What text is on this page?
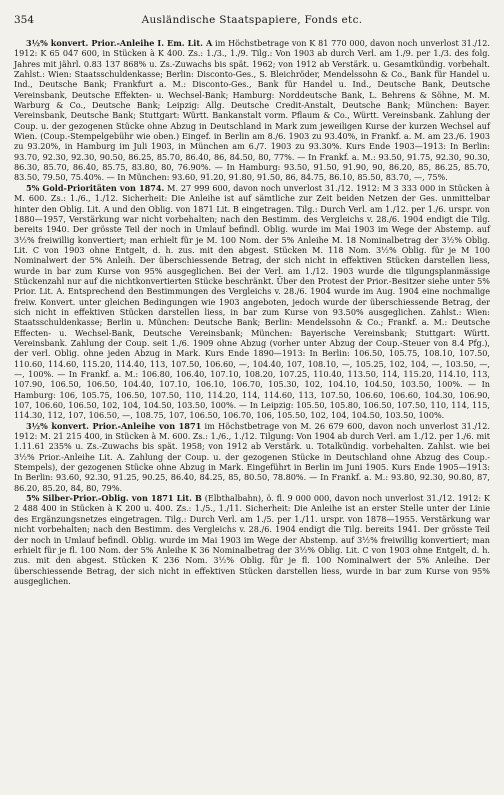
354	Ausländische Staatspapiere, Fonds etc.

3½% konvert. Prior.-Anleihe I. Em. Lit. A im Höchstbetrage von K 81 770 000, davon noch unverlost 31./12. 1912: K 65 047 600, in Stücken à K 400. Zs.: 1./3., 1./9. Tilg.: Von 1903 ab durch Verl. am 1./9. per 1./3. des folg. Jahres mit jährl. 0.83 137 868% u. Zs.-Zuwachs bis spät. 1962; von 1912 ab Verstärk. u. Gesamtkündig. vorbehalt. Zahlst.: Wien: Staatsschuldenkasse; Berlin: Disconto-Ges., S. Bleichröder, Mendelssohn & Co., Bank für Handel u. Ind., Deutsche Bank; Frankfurt a. M.: Disconto-Ges., Bank für Handel u. Ind., Deutsche Bank, Deutsche Vereinsbank, Deutsche Effekten- u. Wechsel-Bank; Hamburg: Norddeutsche Bank, L. Behrens & Söhne, M. M. Warburg & Co., Deutsche Bank; Leipzig: Allg. Deutsche Credit-Anstalt, Deutsche Bank; München: Bayer. Vereinsbank, Deutsche Bank; Stuttgart: Württ. Bankanstalt vorm. Pflaum & Co., Württ. Vereinsbank. Zahlung der Coup. u. der gezogenen Stücke ohne Abzug in Deutschland in Mark zum jeweiligen Kurse der kurzen Wechsel auf Wien. (Coup.-Stempelgebühr wie oben.) Eingef. in Berlin am 8./6. 1903 zu 93.40%, in Frankf. a. M. am 23./6. 1903 zu 93.20%, in Hamburg im Juli 1903, in München am 6./7. 1903 zu 93.30%. Kurs Ende 1903—1913: In Berlin: 93.70, 92.30, 92.30, 90.50, 86.25, 85.70, 86.40, 86, 84.50, 80, 77%. — In Frankf. a. M.: 93.50, 91.75, 92.30, 90.30, 86.30, 85.70, 86.40, 85.75, 83.80, 80, 76.90%. — In Hamburg: 93.50, 91.50, 91.90, 90, 86.20, 85, 86.25, 85.70, 83.50, 79.50, 75.40%. — In München: 93.60, 91.20, 91.80, 91.50, 86, 84.75, 86.10, 85.50, 83.70, —, 75%.

5% Gold-Prioritäten von 1874. M. 27 999 600, davon noch unverlost 31./12. 1912: M 3 333 000 in Stücken à M. 600. Zs.: 1./6., 1./12. Sicherheit: Die Anleihe ist auf sämtliche zur Zeit beiden Netzen der Ges. unmittelbar hinter den Oblig. Lit. A und den Oblig. von 1871 Lit. B eingetragen. Tilg.: Durch Verl. am 1./12. per 1./6. urspr. von 1880—1957, Verstärkung war nicht vorbehalten; nach den Bestimm. des Vergleichs v. 28./6. 1904 endigt die Tilg. bereits 1940. Der grösste Teil der noch in Umlauf befindl. Oblig. wurde im Mai 1903 im Wege der Abstemp. auf 3½% freiwillig konvertiert; man erhielt für je M. 100 Nom. der 5% Anleihe M. 18 Nominalbetrag der 3½% Oblig. Lit. C von 1903 ohne Entgelt, d. h. zus. mit den abgest. Stücken M. 118 Nom. 3½% Oblig. für je M 100 Nominalwert der 5% Anleih. Der überschiessende Betrag, der sich nicht in effektiven Stücken darstellen liess, wurde in bar zum Kurse von 95% ausgeglichen. Bei der Verl. am 1./12. 1903 wurde die tilgungsplanmässige Stückenzahl nur auf die nichtkonvertierten Stücke beschränkt. Über den Protest der Prior.-Besitzer siehe unter 5% Prior. Lit. A. Entsprechend den Bestimmungen des Vergleichs v. 28./6. 1904 wurde im Aug. 1904 eine nochmalige freiw. Konvert. unter gleichen Bedingungen wie 1903 angeboten, jedoch wurde der überschiessende Betrag, der sich nicht in effektiven Stücken darstellen liess, in bar zum Kurse von 93.50% ausgeglichen. Zahlst.: Wien: Staatsschuldenkasse; Berlin u. München: Deutsche Bank; Berlin: Mendelssohn & Co.; Frankf. a. M.: Deutsche Effecten- u. Wechsel-Bank, Deutsche Vereinsbank; München: Bayerische Vereinsbank; Stuttgart: Württ. Vereinsbank. Zahlung der Coup. seit 1./6. 1909 ohne Abzug (vorher unter Abzug der Coup.-Steuer von 8.4 Pfg.), der verl. Oblig. ohne jeden Abzug in Mark. Kurs Ende 1890—1913: In Berlin: 106.50, 105.75, 108.10, 107.50, 110.60, 114.60, 115.20, 114.40, 113, 107.50, 106.60, —, 104.40, 107, 108.10, —, 105.25, 102, 104, —, 103.50, —, —, 100%. — In Frankf. a. M.: 106.80, 106.40, 107.10, 108.20, 107.25, 110.40, 113.50, 114, 115.20, 114.10, 113, 107.90, 106.50, 106.50, 104.40, 107.10, 106.10, 106.70, 105.30, 102, 104.10, 104.50, 103.50, 100%. — In Hamburg: 106, 105.75, 106.50, 107.50, 110, 114.20, 114, 114.60, 113, 107.50, 106.60, 106.60, 104.30, 106.90, 107, 106.60, 106.50, 102, 104, 104.50, 103.50, 100%. — In Leipzig: 105.50, 105.80, 106.50, 107.50, 110, 114, 115, 114.30, 112, 107, 106.50, —, 108.75, 107, 106.50, 106.70, 106, 105.50, 102, 104, 104.50, 103.50, 100%.

3½% konvert. Prior.-Anleihe von 1871 im Höchstbetrage von M. 26 679 600, davon noch unverlost 31./12. 1912: M. 21 215 400, in Stücken à M. 600. Zs.: 1./6., 1./12. Tilgung: Von 1904 ab durch Verl. am 1./12. per 1./6. mit 1.11.61 235% u. Zs.-Zuwachs bis spät. 1958; von 1912 ab Verstärk. u. Totalkündig. vorbehalten. Zahlst. wie bei 3½% Prior.-Anleihe Lit. A. Zahlung der Coup. u. der gezogenen Stücke in Deutschland ohne Abzug des Coup.-Stempels), der gezogenen Stücke ohne Abzug in Mark. Eingeführt in Berlin im Juni 1905. Kurs Ende 1905—1913: In Berlin: 93.60, 92.30, 91.25, 90.25, 86.40, 84.25, 85, 80.50, 78.80%. — In Frankf. a. M.: 93.80, 92.30, 90.80, 87, 86.20, 85.20, 84, 80, 79%.

5% Silber-Prior.-Oblig. von 1871 Lit. B (Elbthalbahn), ö. fl. 9 000 000, davon noch unverlost 31./12. 1912: K 2 488 400 in Stücken à K 200 u. 400. Zs.: 1./5., 1./11. Sicherheit: Die Anleihe ist an erster Stelle unter der Linie des Ergänzungsnetzes eingetragen. Tilg.: Durch Verl. am 1./5. per 1./11. urspr. von 1878—1955. Verstärkung war nicht vorbehalten; nach den Bestimm. des Vergleichs v. 28./6. 1904 endigt die Tilg. bereits 1941. Der grösste Teil der noch in Umlauf befindl. Oblig. wurde im Mai 1903 im Wege der Abstemp. auf 3½% freiwillig konvertiert; man erhielt für je fl. 100 Nom. der 5% Anleihe K 36 Nominalbetrag der 3½% Oblig. Lit. C von 1903 ohne Entgelt, d. h. zus. mit den abgest. Stücken K 236 Nom. 3½% Oblig. für je fl. 100 Nominalwert der 5% Anleihe. Der überschiessende Betrag, der sich nicht in effektiven Stücken darstellen liess, wurde in bar zum Kurse von 95% ausgeglichen.
